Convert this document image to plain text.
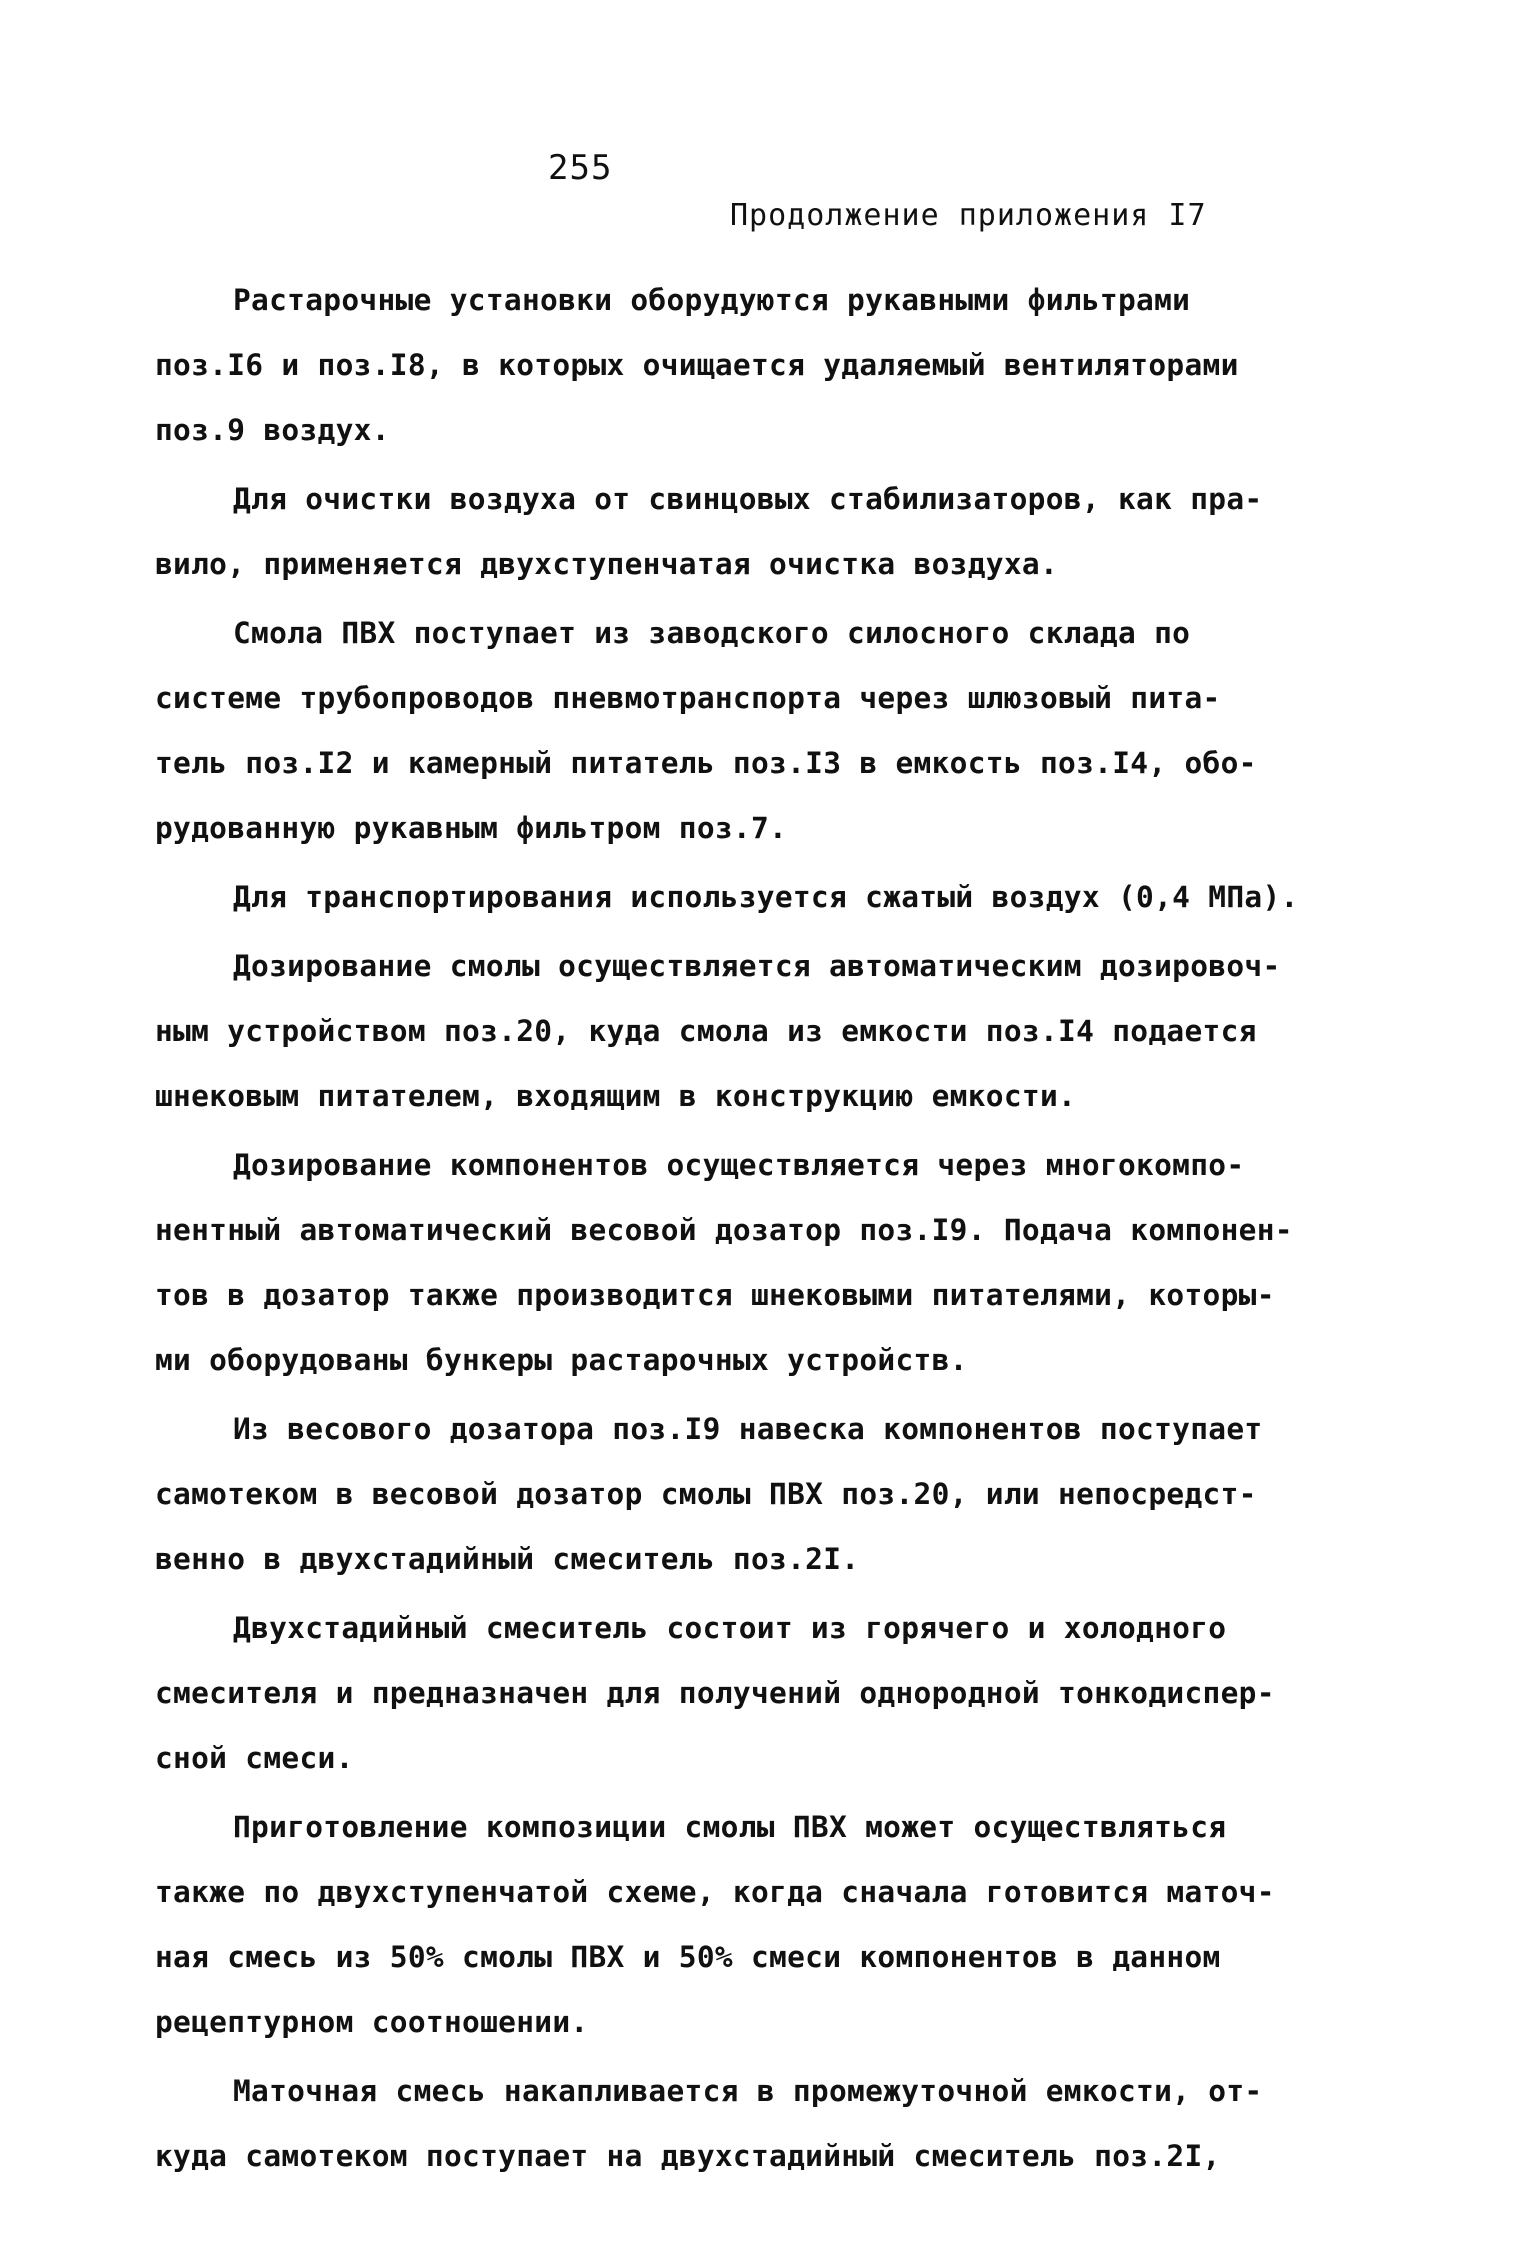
255
Продолжение приложения I7
Растарочные установки оборудуются рукавными фильтрами
поз.I6 и поз.I8, в которых очищается удаляемый вентиляторами
поз.9 воздух.
Для очистки воздуха от свинцовых стабилизаторов, как пра-
вило, применяется двухступенчатая очистка воздуха.
Смола ПВХ поступает из заводского силосного склада по
системе трубопроводов пневмотранспорта через шлюзовый пита-
тель поз.I2 и камерный питатель поз.I3 в емкость поз.I4, обо-
рудованную рукавным фильтром поз.7.
Для транспортирования используется сжатый воздух (0,4 МПа).
Дозирование смолы осуществляется автоматическим дозировоч-
ным устройством поз.20, куда смола из емкости поз.I4 подается
шнековым питателем, входящим в конструкцию емкости.
Дозирование компонентов осуществляется через многокомпо-
нентный автоматический весовой дозатор поз.I9. Подача компонен-
тов в дозатор также производится шнековыми питателями, которы-
ми оборудованы бункеры растарочных устройств.
Из весового дозатора поз.I9 навеска компонентов поступает
самотеком в весовой дозатор смолы ПВХ поз.20, или непосредст-
венно в двухстадийный смеситель поз.2I.
Двухстадийный смеситель состоит из горячего и холодного
смесителя и предназначен для получений однородной тонкодиспер-
сной смеси.
Приготовление композиции смолы ПВХ может осуществляться
также по двухступенчатой схеме, когда сначала готовится маточ-
ная смесь из 50% смолы ПВХ и 50% смеси компонентов в данном
рецептурном соотношении.
Маточная смесь накапливается в промежуточной емкости, от-
куда самотеком поступает на двухстадийный смеситель поз.2I,
